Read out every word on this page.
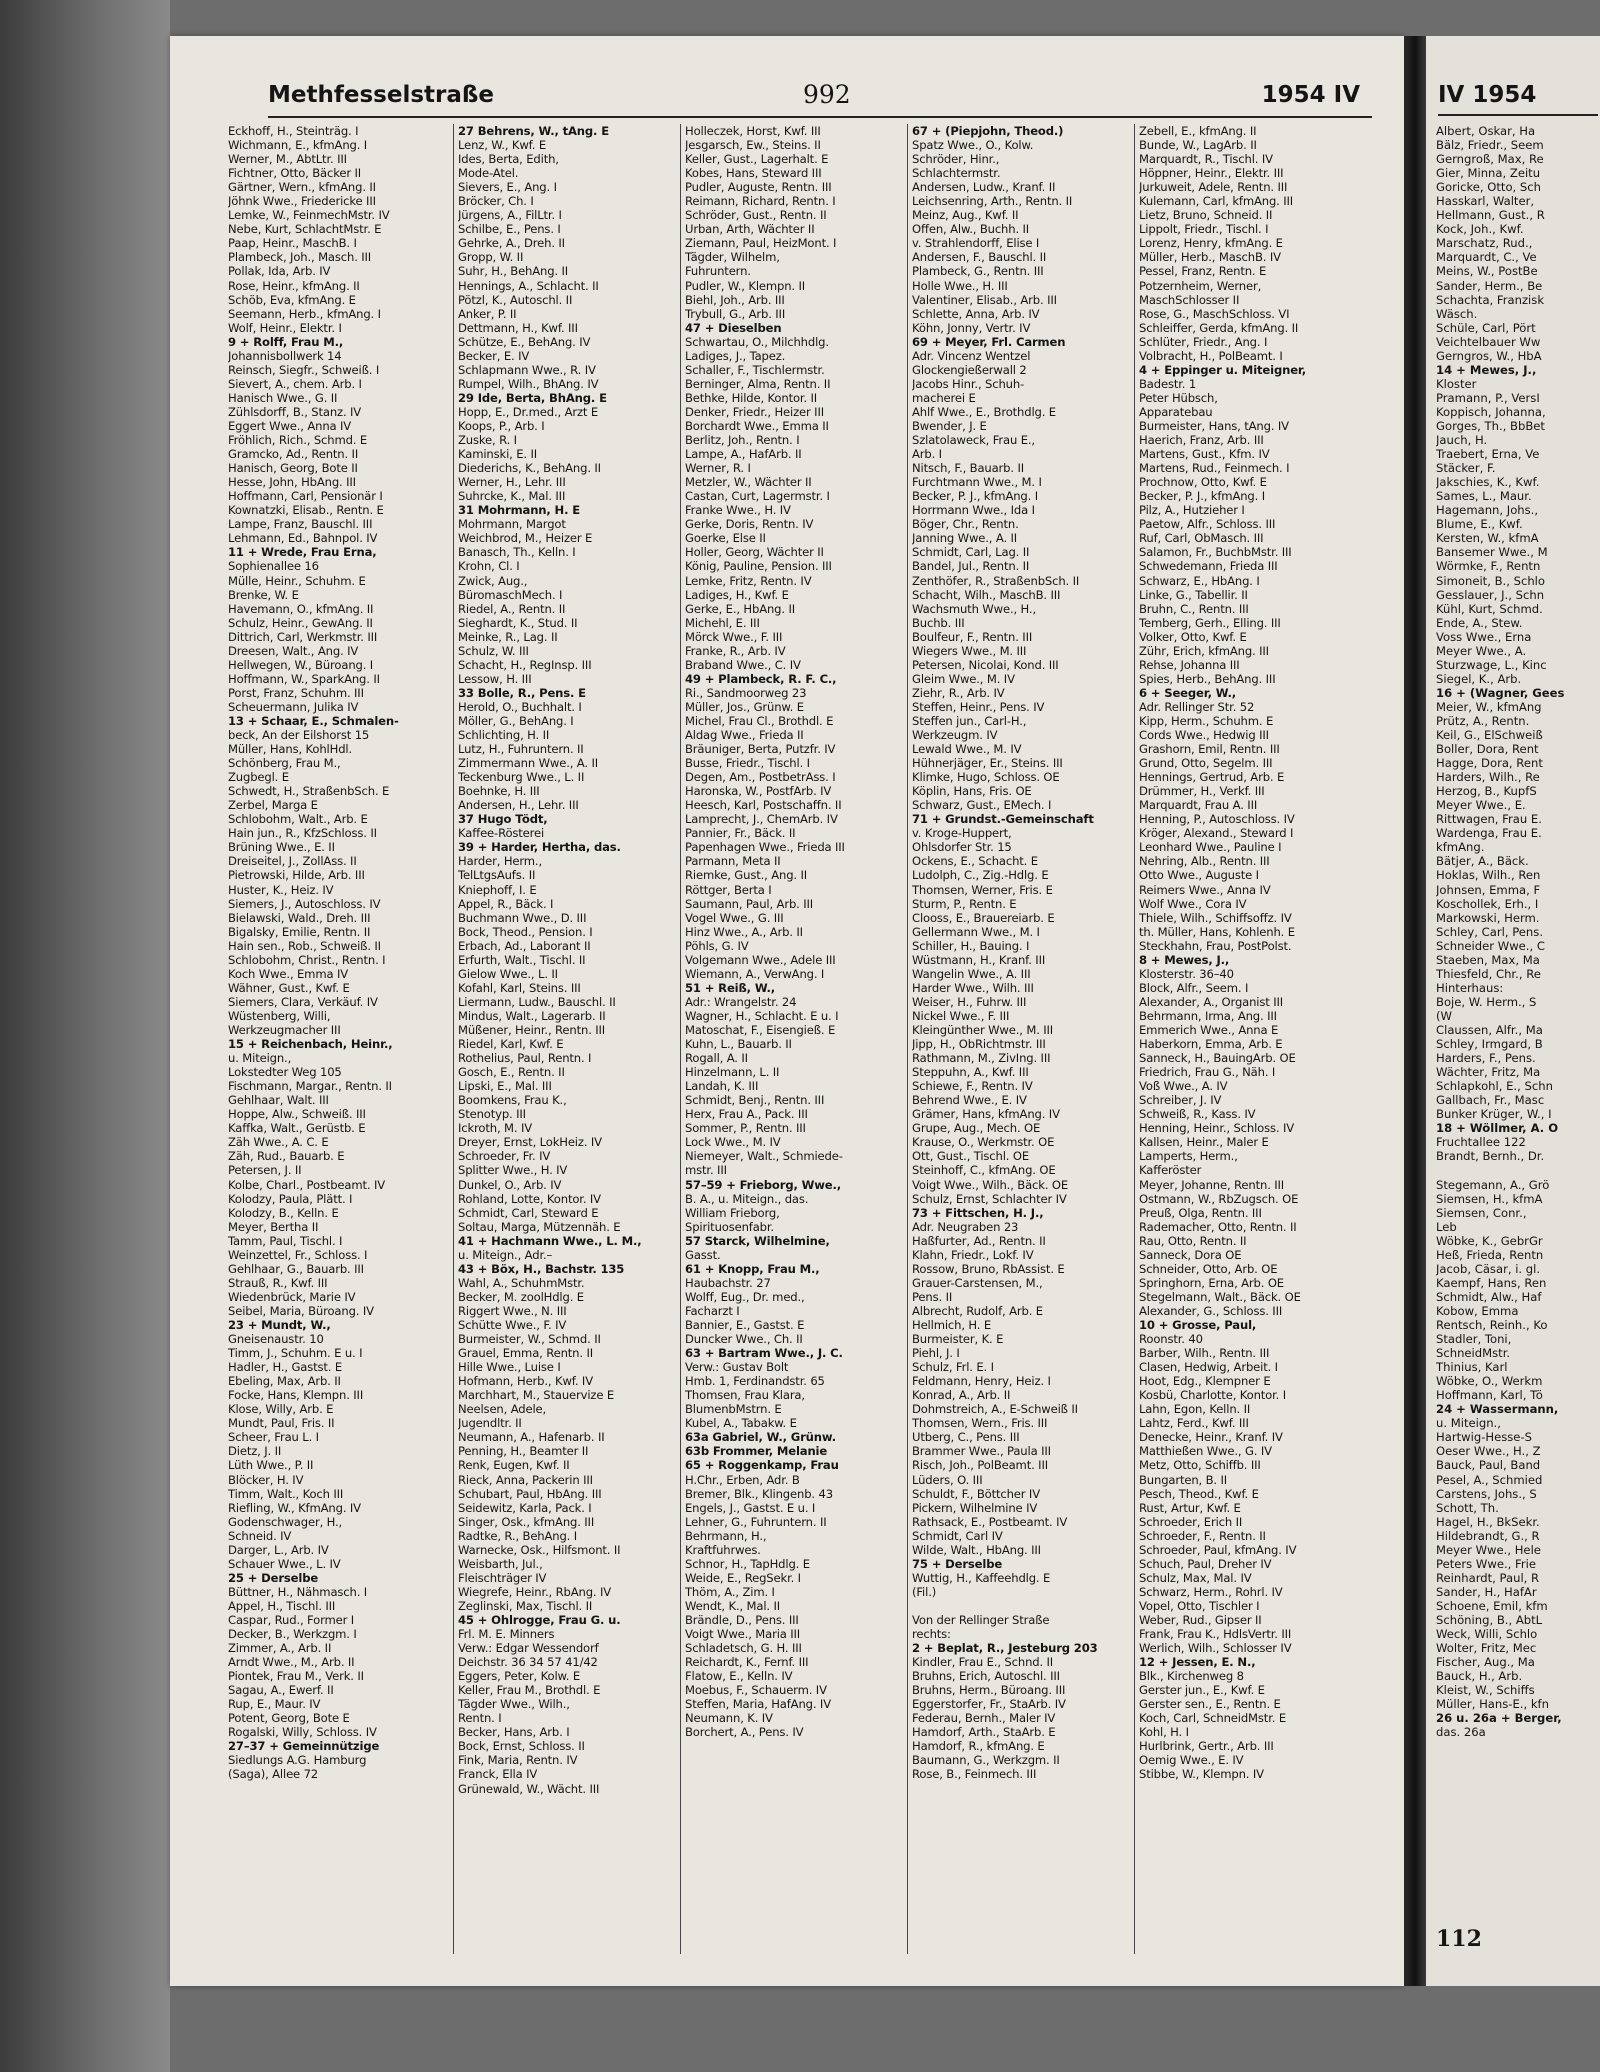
Methfesselstraße	992	1954 IV
Eckhoff, H., Steinträg. I
Wichmann, E., kfmAng. I
Werner, M., AbtLtr. III
Fichtner, Otto, Bäcker II
Gärtner, Wern., kfmAng. II
Jöhnk Wwe., Friedericke III
Lemke, W., FeinmechMstr. IV
Nebe, Kurt, SchlachtMstr. E
Paap, Heinr., MaschB. I
Plambeck, Joh., Masch. III
Pollak, Ida, Arb. IV
Rose, Heinr., kfmAng. II
Schöb, Eva, kfmAng. E
Seemann, Herb., kfmAng. I
Wolf, Heinr., Elektr. I
9 + Rolff, Frau M.,
Johannisbollwerk 14
Reinsch, Siegfr., Schweiß. I
Sievert, A., chem. Arb. I
Hanisch Wwe., G. II
Zühlsdorff, B., Stanz. IV
Eggert Wwe., Anna IV
Fröhlich, Rich., Schmd. E
Gramcko, Ad., Rentn. II
Hanisch, Georg, Bote II
Hesse, John, HbAng. III
Hoffmann, Carl, Pensionär I
Kownatzki, Elisab., Rentn. E
Lampe, Franz, Bauschl. III
Lehmann, Ed., Bahnpol. IV
11 + Wrede, Frau Erna,
Sophienallee 16
Mülle, Heinr., Schuhm. E
Brenke, W. E
Havemann, O., kfmAng. II
Schulz, Heinr., GewAng. II
Dittrich, Carl, Werkmstr. III
Dreesen, Walt., Ang. IV
Hellwegen, W., Büroang. I
Hoffmann, W., SparkAng. II
Porst, Franz, Schuhm. III
Scheuermann, Julika IV
13 + Schaar, E., Schmalen-
beck, An der Eilshorst 15
Müller, Hans, KohlHdl.
Schönberg, Frau M.,
Zugbegl. E
Schwedt, H., StraßenbSch. E
Zerbel, Marga E
Schlobohm, Walt., Arb. E
Hain jun., R., KfzSchloss. II
Brüning Wwe., E. II
Dreiseitel, J., ZollAss. II
Pietrowski, Hilde, Arb. III
Huster, K., Heiz. IV
Siemers, J., Autoschloss. IV
Bielawski, Wald., Dreh. III
Bigalsky, Emilie, Rentn. II
Hain sen., Rob., Schweiß. II
Schlobohm, Christ., Rentn. I
Koch Wwe., Emma IV
Wähner, Gust., Kwf. E
Siemers, Clara, Verkäuf. IV
Wüstenberg, Willi,
Werkzeugmacher III
15 + Reichenbach, Heinr.,
u. Miteign.,
Lokstedter Weg 105
Fischmann, Margar., Rentn. II
Gehlhaar, Walt. III
Hoppe, Alw., Schweiß. III
Kaffka, Walt., Gerüstb. E
Zäh Wwe., A. C. E
Zäh, Rud., Bauarb. E
Petersen, J. II
Kolbe, Charl., Postbeamt. IV
Kolodzy, Paula, Plätt. I
Kolodzy, B., Kelln. E
Meyer, Bertha II
Tamm, Paul, Tischl. I
Weinzettel, Fr., Schloss. I
Gehlhaar, G., Bauarb. III
Strauß, R., Kwf. III
Wiedenbrück, Marie IV
Seibel, Maria, Büroang. IV
23 + Mundt, W.,
Gneisenaustr. 10
Timm, J., Schuhm. E u. I
Hadler, H., Gastst. E
Ebeling, Max, Arb. II
Focke, Hans, Klempn. III
Klose, Willy, Arb. E
Mundt, Paul, Fris. II
Scheer, Frau L. I
Dietz, J. II
Lüth Wwe., P. II
Blöcker, H. IV
Timm, Walt., Koch III
Riefling, W., KfmAng. IV
Godenschwager, H.,
Schneid. IV
Darger, L., Arb. IV
Schauer Wwe., L. IV
25 + Derselbe
Büttner, H., Nähmasch. I
Appel, H., Tischl. III
Caspar, Rud., Former I
Decker, B., Werkzgm. I
Zimmer, A., Arb. II
Arndt Wwe., M., Arb. II
Piontek, Frau M., Verk. II
Sagau, A., Ewerf. II
Rup, E., Maur. IV
Potent, Georg, Bote E
Rogalski, Willy, Schloss. IV
27–37 + Gemeinnützige
Siedlungs A.G. Hamburg
(Saga), Allee 72
27 Behrens, W., tAng. E
Lenz, W., Kwf. E
Ides, Berta, Edith,
Mode-Atel.
Sievers, E., Ang. I
Bröcker, Ch. I
Jürgens, A., FilLtr. I
Schilbe, E., Pens. I
Gehrke, A., Dreh. II
Gropp, W. II
Suhr, H., BehAng. II
Hennings, A., Schlacht. II
Pötzl, K., Autoschl. II
Anker, P. II
Dettmann, H., Kwf. III
Schütze, E., BehAng. IV
Becker, E. IV
Schlapmann Wwe., R. IV
Rumpel, Wilh., BhAng. IV
29 Ide, Berta, BhAng. E
Hopp, E., Dr.med., Arzt E
Koops, P., Arb. I
Zuske, R. I
Kaminski, E. II
Diederichs, K., BehAng. II
Werner, H., Lehr. III
Suhrcke, K., Mal. III
31 Mohrmann, H. E
Mohrmann, Margot
Weichbrod, M., Heizer E
Banasch, Th., Kelln. I
Krohn, Cl. I
Zwick, Aug.,
BüromaschMech. I
Riedel, A., Rentn. II
Sieghardt, K., Stud. II
Meinke, R., Lag. II
Schulz, W. III
Schacht, H., RegInsp. III
Lessow, H. III
33 Bolle, R., Pens. E
Herold, O., Buchhalt. I
Möller, G., BehAng. I
Schlichting, H. II
Lutz, H., Fuhruntern. II
Zimmermann Wwe., A. II
Teckenburg Wwe., L. II
Boehnke, H. III
Andersen, H., Lehr. III
37 Hugo Tödt,
Kaffee-Rösterei
39 + Harder, Hertha, das.
Harder, Herm.,
TelLtgsAufs. II
Kniephoff, I. E
Appel, R., Bäck. I
Buchmann Wwe., D. III
Bock, Theod., Pension. I
Erbach, Ad., Laborant II
Erfurth, Walt., Tischl. II
Gielow Wwe., L. II
Kofahl, Karl, Steins. III
Liermann, Ludw., Bauschl. II
Mindus, Walt., Lagerarb. II
Müßener, Heinr., Rentn. III
Riedel, Karl, Kwf. E
Rothelius, Paul, Rentn. I
Gosch, E., Rentn. II
Lipski, E., Mal. III
Boomkens, Frau K.,
Stenotyp. III
Ickroth, M. IV
Dreyer, Ernst, LokHeiz. IV
Schroeder, Fr. IV
Splitter Wwe., H. IV
Dunkel, O., Arb. IV
Rohland, Lotte, Kontor. IV
Schmidt, Carl, Steward E
Soltau, Marga, Mützennäh. E
41 + Hachmann Wwe., L. M.,
u. Miteign., Adr.–
43 + Böx, H., Bachstr. 135
Wahl, A., SchuhmMstr.
Becker, M. zoolHdlg. E
Riggert Wwe., N. III
Schütte Wwe., F. IV
Burmeister, W., Schmd. II
Grauel, Emma, Rentn. II
Hille Wwe., Luise I
Hofmann, Herb., Kwf. IV
Marchhart, M., Stauervize E
Neelsen, Adele,
Jugendltr. II
Neumann, A., Hafenarb. II
Penning, H., Beamter II
Renk, Eugen, Kwf. II
Rieck, Anna, Packerin III
Schubart, Paul, HbAng. III
Seidewitz, Karla, Pack. I
Singer, Osk., kfmAng. III
Radtke, R., BehAng. I
Warnecke, Osk., Hilfsmont. II
Weisbarth, Jul.,
Fleischträger IV
Wiegrefe, Heinr., RbAng. IV
Zeglinski, Max, Tischl. II
45 + Ohlrogge, Frau G. u.
Frl. M. E. Minners
Verw.: Edgar Wessendorf
Deichstr. 36 34 57 41/42
Eggers, Peter, Kolw. E
Keller, Frau M., Brothdl. E
Tägder Wwe., Wilh.,
Rentn. I
Becker, Hans, Arb. I
Bock, Ernst, Schloss. II
Fink, Maria, Rentn. IV
Franck, Ella IV
Grünewald, W., Wächt. III
Holleczek, Horst, Kwf. III
Jesgarsch, Ew., Steins. II
Keller, Gust., Lagerhalt. E
Kobes, Hans, Steward III
Pudler, Auguste, Rentn. III
Reimann, Richard, Rentn. I
Schröder, Gust., Rentn. II
Urban, Arth, Wächter II
Ziemann, Paul, HeizMont. I
Tägder, Wilhelm,
Fuhruntern.
Pudler, W., Klempn. II
Biehl, Joh., Arb. III
Trybull, G., Arb. III
47 + Dieselben
Schwartau, O., Milchhdlg.
Ladiges, J., Tapez.
Schaller, F., Tischlermstr.
Berninger, Alma, Rentn. II
Bethke, Hilde, Kontor. II
Denker, Friedr., Heizer III
Borchardt Wwe., Emma II
Berlitz, Joh., Rentn. I
Lampe, A., HafArb. II
Werner, R. I
Metzler, W., Wächter II
Castan, Curt, Lagermstr. I
Franke Wwe., H. IV
Gerke, Doris, Rentn. IV
Goerke, Else II
Holler, Georg, Wächter II
König, Pauline, Pension. III
Lemke, Fritz, Rentn. IV
Ladiges, H., Kwf. E
Gerke, E., HbAng. II
Michehl, E. III
Mörck Wwe., F. III
Franke, R., Arb. IV
Braband Wwe., C. IV
49 + Plambeck, R. F. C.,
Ri., Sandmoorweg 23
Müller, Jos., Grünw. E
Michel, Frau Cl., Brothdl. E
Aldag Wwe., Frieda II
Bräuniger, Berta, Putzfr. IV
Busse, Friedr., Tischl. I
Degen, Am., PostbetrAss. I
Haronska, W., PostfArb. IV
Heesch, Karl, Postschaffn. II
Lamprecht, J., ChemArb. IV
Pannier, Fr., Bäck. II
Papenhagen Wwe., Frieda III
Parmann, Meta II
Riemke, Gust., Ang. II
Röttger, Berta I
Saumann, Paul, Arb. III
Vogel Wwe., G. III
Hinz Wwe., A., Arb. II
Pöhls, G. IV
Volgemann Wwe., Adele III
Wiemann, A., VerwAng. I
51 + Reiß, W.,
Adr.: Wrangelstr. 24
Wagner, H., Schlacht. E u. I
Matoschat, F., Eisengieß. E
Kuhn, L., Bauarb. II
Rogall, A. II
Hinzelmann, L. II
Landah, K. III
Schmidt, Benj., Rentn. III
Herx, Frau A., Pack. III
Sommer, P., Rentn. III
Lock Wwe., M. IV
Niemeyer, Walt., Schmiede-
mstr. III
57–59 + Frieborg, Wwe.,
B. A., u. Miteign., das.
William Frieborg,
Spirituosenfabr.
57 Starck, Wilhelmine,
Gasst.
61 + Knopp, Frau M.,
Haubachstr. 27
Wolff, Eug., Dr. med.,
Facharzt I
Bannier, E., Gastst. E
Duncker Wwe., Ch. II
63 + Bartram Wwe., J. C.
Verw.: Gustav Bolt
Hmb. 1, Ferdinandstr. 65
Thomsen, Frau Klara,
BlumenbMstrn. E
Kubel, A., Tabakw. E
63a Gabriel, W., Grünw.
63b Frommer, Melanie
65 + Roggenkamp, Frau
H.Chr., Erben, Adr. B
Bremer, Blk., Klingenb. 43
Engels, J., Gastst. E u. I
Lehner, G., Fuhruntern. II
Behrmann, H.,
Kraftfuhrwes.
Schnor, H., TapHdlg. E
Weide, E., RegSekr. I
Thöm, A., Zim. I
Wendt, K., Mal. II
Brändle, D., Pens. III
Voigt Wwe., Maria III
Schladetsch, G. H. III
Reichardt, K., Fernf. III
Flatow, E., Kelln. IV
Moebus, F., Schauerm. IV
Steffen, Maria, HafAng. IV
Neumann, K. IV
Borchert, A., Pens. IV
67 + (Piepjohn, Theod.)
Spatz Wwe., O., Kolw.
Schröder, Hinr.,
Schlachtermstr.
Andersen, Ludw., Kranf. II
Leichsenring, Arth., Rentn. II
Meinz, Aug., Kwf. II
Offen, Alw., Buchh. II
v. Strahlendorff, Elise I
Andersen, F., Bauschl. II
Plambeck, G., Rentn. III
Holle Wwe., H. III
Valentiner, Elisab., Arb. III
Schlette, Anna, Arb. IV
Köhn, Jonny, Vertr. IV
69 + Meyer, Frl. Carmen
Adr. Vincenz Wentzel
Glockengießerwall 2
Jacobs Hinr., Schuh-
macherei E
Ahlf Wwe., E., Brothdlg. E
Bwender, J. E
Szlatolaweck, Frau E.,
Arb. I
Nitsch, F., Bauarb. II
Furchtmann Wwe., M. I
Becker, P. J., kfmAng. I
Horrmann Wwe., Ida I
Böger, Chr., Rentn.
Janning Wwe., A. II
Schmidt, Carl, Lag. II
Bandel, Jul., Rentn. II
Zenthöfer, R., StraßenbSch. II
Schacht, Wilh., MaschB. III
Wachsmuth Wwe., H.,
Buchb. III
Boulfeur, F., Rentn. III
Wiegers Wwe., M. III
Petersen, Nicolai, Kond. III
Gleim Wwe., M. IV
Ziehr, R., Arb. IV
Steffen, Heinr., Pens. IV
Steffen jun., Carl-H.,
Werkzeugm. IV
Lewald Wwe., M. IV
Hühnerjäger, Er., Steins. III
Klimke, Hugo, Schloss. OE
Köplin, Hans, Fris. OE
Schwarz, Gust., EMech. I
71 + Grundst.-Gemeinschaft
v. Kroge-Huppert,
Ohlsdorfer Str. 15
Ockens, E., Schacht. E
Ludolph, C., Zig.-Hdlg. E
Thomsen, Werner, Fris. E
Sturm, P., Rentn. E
Clooss, E., Brauereiarb. E
Gellermann Wwe., M. I
Schiller, H., Bauing. I
Wüstmann, H., Kranf. III
Wangelin Wwe., A. III
Harder Wwe., Wilh. III
Weiser, H., Fuhrw. III
Nickel Wwe., F. III
Kleingünther Wwe., M. III
Jipp, H., ObRichtmstr. III
Rathmann, M., ZivIng. III
Steppuhn, A., Kwf. III
Schiewe, F., Rentn. IV
Behrend Wwe., E. IV
Grämer, Hans, kfmAng. IV
Grupe, Aug., Mech. OE
Krause, O., Werkmstr. OE
Ott, Gust., Tischl. OE
Steinhoff, C., kfmAng. OE
Voigt Wwe., Wilh., Bäck. OE
Schulz, Ernst, Schlachter IV
73 + Fittschen, H. J.,
Adr. Neugraben 23
Haßfurter, Ad., Rentn. II
Klahn, Friedr., Lokf. IV
Rossow, Bruno, RbAssist. E
Grauer-Carstensen, M.,
Pens. II
Albrecht, Rudolf, Arb. E
Hellmich, H. E
Burmeister, K. E
Piehl, J. I
Schulz, Frl. E. I
Feldmann, Henry, Heiz. I
Konrad, A., Arb. II
Dohmstreich, A., E-Schweiß II
Thomsen, Wern., Fris. III
Utberg, C., Pens. III
Brammer Wwe., Paula III
Risch, Joh., PolBeamt. III
Lüders, O. III
Schuldt, F., Böttcher IV
Pickern, Wilhelmine IV
Rathsack, E., Postbeamt. IV
Schmidt, Carl IV
Wilde, Walt., HbAng. III
75 + Derselbe
Wuttig, H., Kaffeehdlg. E
(Fil.)
Von der Rellinger Straße
rechts:
2 + Beplat, R., Jesteburg 203
Kindler, Frau E., Schnd. II
Bruhns, Erich, Autoschl. III
Bruhns, Herm., Büroang. III
Eggerstorfer, Fr., StaArb. IV
Federau, Bernh., Maler IV
Hamdorf, Arth., StaArb. E
Hamdorf, R., kfmAng. E
Baumann, G., Werkzgm. II
Rose, B., Feinmech. III
Zebell, E., kfmAng. II
Bunde, W., LagArb. II
Marquardt, R., Tischl. IV
Höppner, Heinr., Elektr. III
Jurkuweit, Adele, Rentn. III
Kulemann, Carl, kfmAng. III
Lietz, Bruno, Schneid. II
Lippolt, Friedr., Tischl. I
Lorenz, Henry, kfmAng. E
Müller, Herb., MaschB. IV
Pessel, Franz, Rentn. E
Potzernheim, Werner,
MaschSchlosser II
Rose, G., MaschSchloss. VI
Schleiffer, Gerda, kfmAng. II
Schlüter, Friedr., Ang. I
Volbracht, H., PolBeamt. I
4 + Eppinger u. Miteigner,
Badestr. 1
Peter Hübsch,
Apparatebau
Burmeister, Hans, tAng. IV
Haerich, Franz, Arb. III
Martens, Gust., Kfm. IV
Martens, Rud., Feinmech. I
Prochnow, Otto, Kwf. E
Becker, P. J., kfmAng. I
Pilz, A., Hutzieher I
Paetow, Alfr., Schloss. III
Ruf, Carl, ObMasch. III
Salamon, Fr., BuchbMstr. III
Schwedemann, Frieda III
Schwarz, E., HbAng. I
Linke, G., Tabellir. II
Bruhn, C., Rentn. III
Temberg, Gerh., Elling. III
Volker, Otto, Kwf. E
Zühr, Erich, kfmAng. III
Rehse, Johanna III
Spies, Herb., BehAng. III
6 + Seeger, W.,
Adr. Rellinger Str. 52
Kipp, Herm., Schuhm. E
Cords Wwe., Hedwig III
Grashorn, Emil, Rentn. III
Grund, Otto, Segelm. III
Hennings, Gertrud, Arb. E
Drümmer, H., Verkf. III
Marquardt, Frau A. III
Henning, P., Autoschloss. IV
Kröger, Alexand., Steward I
Leonhard Wwe., Pauline I
Nehring, Alb., Rentn. III
Otto Wwe., Auguste I
Reimers Wwe., Anna IV
Wolf Wwe., Cora IV
Thiele, Wilh., Schiffsoffz. IV
th. Müller, Hans, Kohlenh. E
Steckhahn, Frau, PostPolst.
8 + Mewes, J.,
Klosterstr. 36–40
Block, Alfr., Seem. I
Alexander, A., Organist III
Behrmann, Irma, Ang. III
Emmerich Wwe., Anna E
Haberkorn, Emma, Arb. E
Sanneck, H., BauingArb. OE
Friedrich, Frau G., Näh. I
Voß Wwe., A. IV
Schreiber, J. IV
Schweiß, R., Kass. IV
Henning, Heinr., Schloss. IV
Kallsen, Heinr., Maler E
Lamperts, Herm.,
Kafferöster
Meyer, Johanne, Rentn. III
Ostmann, W., RbZugsch. OE
Preuß, Olga, Rentn. III
Rademacher, Otto, Rentn. II
Rau, Otto, Rentn. II
Sanneck, Dora OE
Schneider, Otto, Arb. OE
Springhorn, Erna, Arb. OE
Stegelmann, Walt., Bäck. OE
Alexander, G., Schloss. III
10 + Grosse, Paul,
Roonstr. 40
Barber, Wilh., Rentn. III
Clasen, Hedwig, Arbeit. I
Hoot, Edg., Klempner E
Kosbü, Charlotte, Kontor. I
Lahn, Egon, Kelln. II
Lahtz, Ferd., Kwf. III
Denecke, Heinr., Kranf. IV
Matthießen Wwe., G. IV
Metz, Otto, Schiffb. III
Bungarten, B. II
Pesch, Theod., Kwf. E
Rust, Artur, Kwf. E
Schroeder, Erich II
Schroeder, F., Rentn. II
Schroeder, Paul, kfmAng. IV
Schuch, Paul, Dreher IV
Schulz, Max, Mal. IV
Schwarz, Herm., Rohrl. IV
Vopel, Otto, Tischler I
Weber, Rud., Gipser II
Frank, Frau K., HdlsVertr. III
Werlich, Wilh., Schlosser IV
12 + Jessen, E. N.,
Blk., Kirchenweg 8
Gerster jun., E., Kwf. E
Gerster sen., E., Rentn. E
Koch, Carl, SchneidMstr. E
Kohl, H. I
Hurlbrink, Gertr., Arb. III
Oemig Wwe., E. IV
Stibbe, W., Klempn. IV
IV 1954
Albert, Oskar, Ha
Bälz, Friedr., Seem
Gerngroß, Max, Re
Gier, Minna, Zeitu
Goricke, Otto, Sch
Hasskarl, Walter,
Hellmann, Gust., R
Kock, Joh., Kwf.
Marschatz, Rud.,
Marquardt, C., Ve
Meins, W., PostBe
Sander, Herm., Be
Schachta, Franzisk
Wäsch.
Schüle, Carl, Pört
Veichtelbauer Ww
Gerngros, W., HbA
14 + Mewes, J.,
Kloster
Pramann, P., VersI
Koppisch, Johanna,
Gorges, Th., BbBet
Jauch, H.
Traebert, Erna, Ve
Stäcker, F.
Jakschies, K., Kwf.
Sames, L., Maur.
Hagemann, Johs.,
Blume, E., Kwf.
Kersten, W., kfmA
Bansemer Wwe., M
Wörmke, F., Rentn
Simoneit, B., Schlo
Gesslauer, J., Schn
Kühl, Kurt, Schmd.
Ende, A., Stew.
Voss Wwe., Erna
Meyer Wwe., A.
Sturzwage, L., Kinc
Siegel, K., Arb.
16 + (Wagner, Gees
Meier, W., kfmAng
Prütz, A., Rentn.
Keil, G., ElSchweiß
Boller, Dora, Rent
Hagge, Dora, Rent
Harders, Wilh., Re
Herzog, B., KupfS
Meyer Wwe., E.
Rittwagen, Frau E.
Wardenga, Frau E.
kfmAng.
Bätjer, A., Bäck.
Hoklas, Wilh., Ren
Johnsen, Emma, F
Koschollek, Erh., I
Markowski, Herm.
Schley, Carl, Pens.
Schneider Wwe., C
Staeben, Max, Ma
Thiesfeld, Chr., Re
Hinterhaus:
Boje, W. Herm., S
(W
Claussen, Alfr., Ma
Schley, Irmgard, B
Harders, F., Pens.
Wächter, Fritz, Ma
Schlapkohl, E., Schn
Gallbach, Fr., Masc
Bunker Krüger, W., I
18 + Wöllmer, A. O
Fruchtallee 122
Brandt, Bernh., Dr.
Stegemann, A., Grö
Siemsen, H., kfmA
Siemsen, Conr.,
Leb
Wöbke, K., GebrGr
Heß, Frieda, Rentn
Jacob, Cäsar, i. gl.
Kaempf, Hans, Ren
Schmidt, Alw., Haf
Kobow, Emma
Rentsch, Reinh., Ko
Stadler, Toni,
SchneidMstr.
Thinius, Karl
Wöbke, O., Werkm
Hoffmann, Karl, Tö
24 + Wassermann,
u. Miteign.,
Hartwig-Hesse-S
Oeser Wwe., H., Z
Bauck, Paul, Band
Pesel, A., Schmied
Carstens, Johs., S
Schott, Th.
Hagel, H., BkSekr.
Hildebrandt, G., R
Meyer Wwe., Hele
Peters Wwe., Frie
Reinhardt, Paul, R
Sander, H., HafAr
Schoene, Emil, kfm
Schöning, B., AbtL
Weck, Willi, Schlo
Wolter, Fritz, Mec
Fischer, Aug., Ma
Bauck, H., Arb.
Kleist, W., Schiffs
Müller, Hans-E., kfn
26 u. 26a + Berger,
das. 26a
112
